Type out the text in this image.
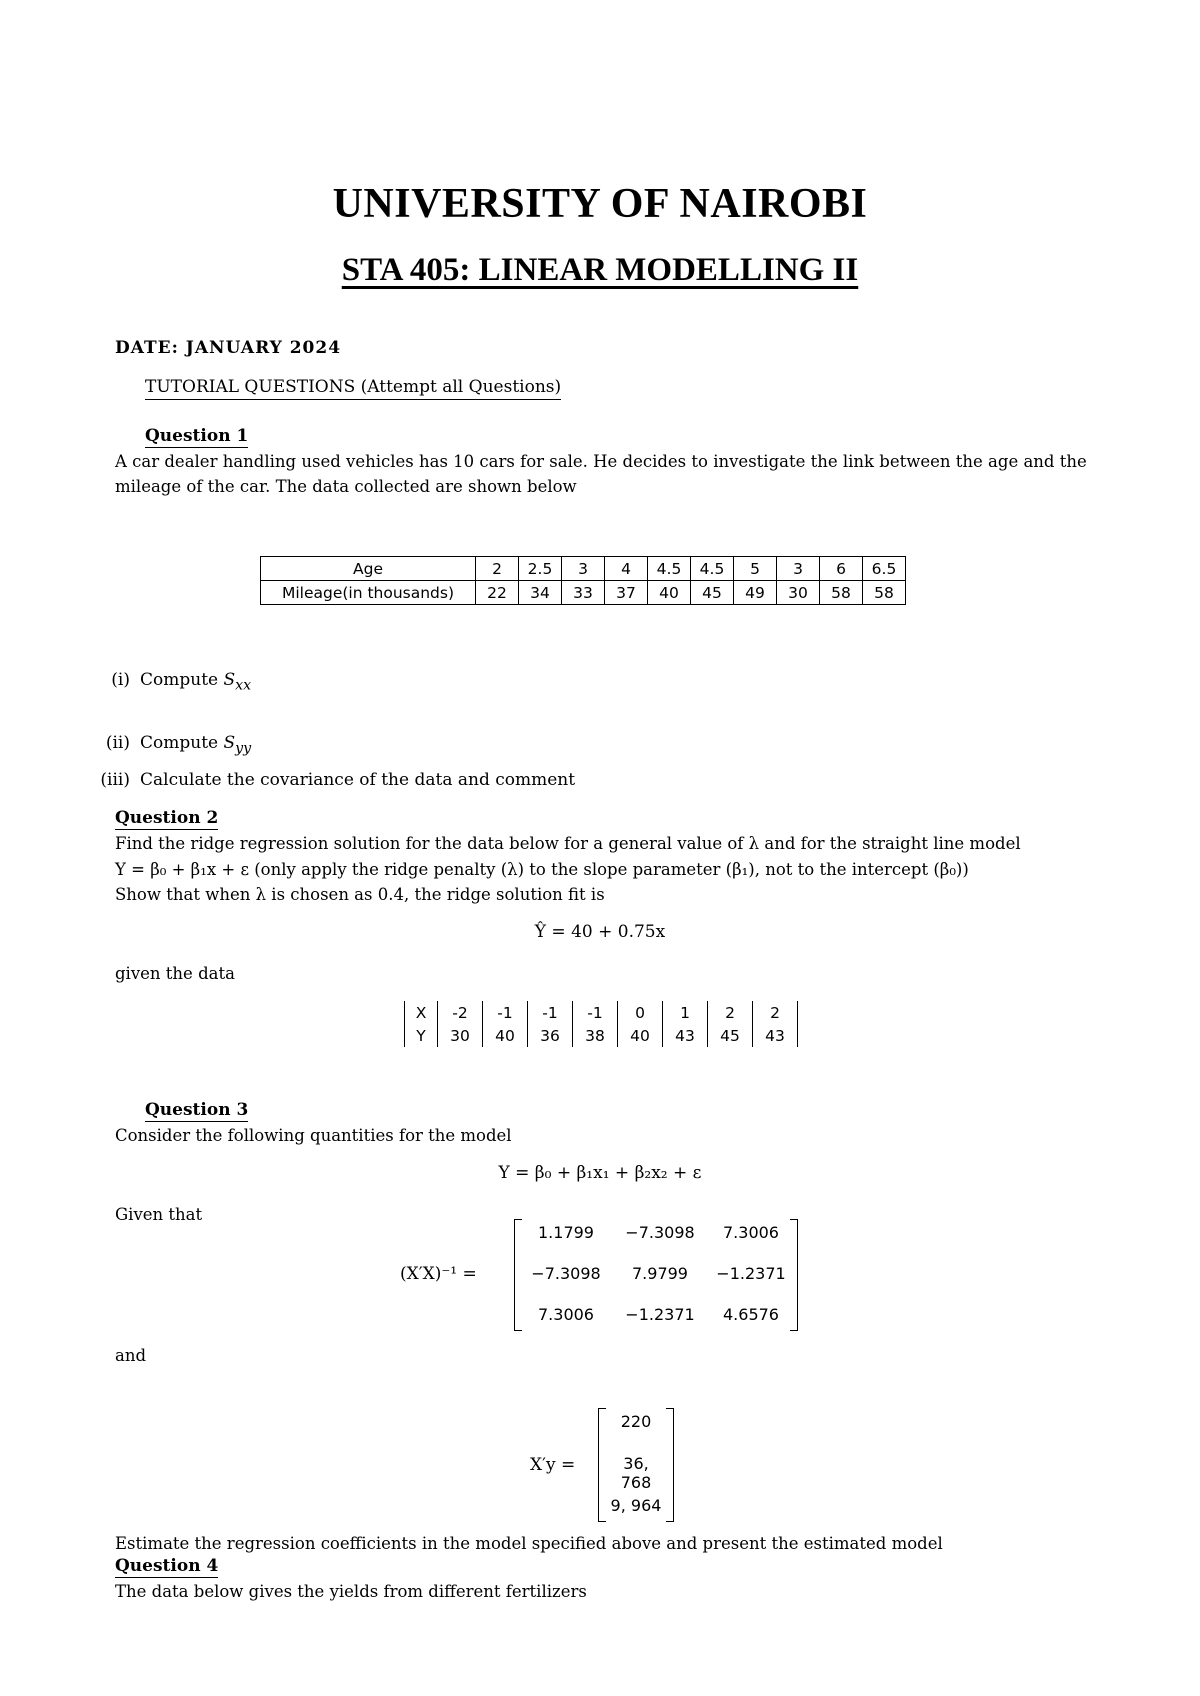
UNIVERSITY OF NAIROBI
STA 405: LINEAR MODELLING II
DATE: JANUARY 2024
TUTORIAL QUESTIONS (Attempt all Questions)
Question 1
A car dealer handling used vehicles has 10 cars for sale. He decides to investigate the link between the age and the mileage of the car. The data collected are shown below
Age	2	2.5	3	4	4.5	4.5	5	3	6	6.5
Mileage(in thousands)	22	34	33	37	40	45	49	30	58	58
(i) Compute $S_{xx}$
(ii) Compute $S_{yy}$
(iii) Calculate the covariance of the data and comment
Question 2
Find the ridge regression solution for the data below for a general value of λ and for the straight line model
Y = β₀ + β₁x + ε (only apply the ridge penalty (λ) to the slope parameter (β₁), not to the intercept (β₀))
Show that when λ is chosen as 0.4, the ridge solution fit is
Ŷ = 40 + 0.75x
given the data
X	-2	-1	-1	-1	0	1	2	2
Y	30	40	36	38	40	43	45	43
Question 3
Consider the following quantities for the model
Y = β₀ + β₁x₁ + β₂x₂ + ε
Given that
(X′X)⁻¹ =
1.1799	−7.3098	7.3006
−7.3098	7.9799	−1.2371
7.3006	−1.2371	4.6576
and
X′y =
220
36, 768
9, 964
Estimate the regression coefficients in the model specified above and present the estimated model
Question 4
The data below gives the yields from different fertilizers
